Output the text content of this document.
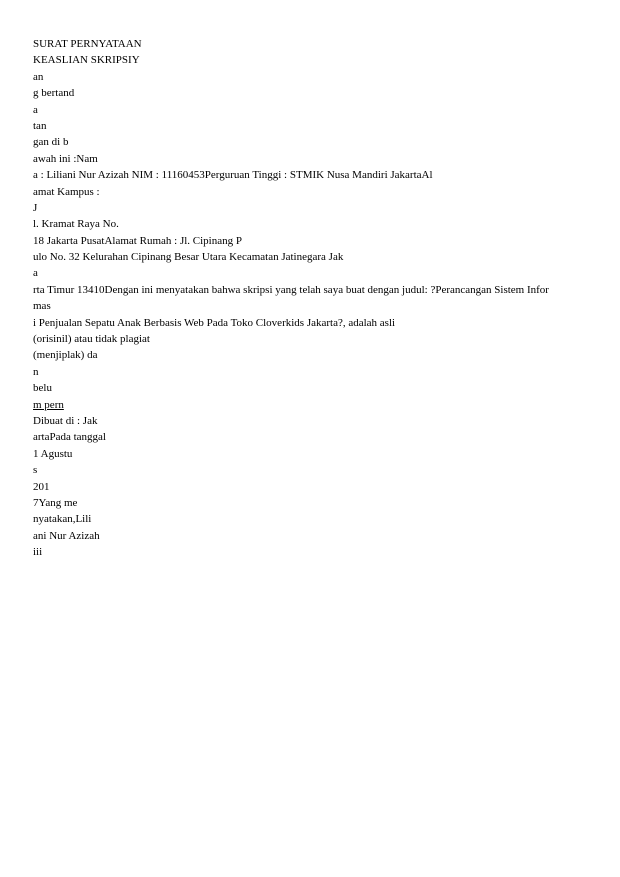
SURAT PERNYATAAN
KEASLIAN SKRIPSIY
an
g bertand
a
tan
gan di b
awah ini :Nam
a : Liliani Nur Azizah NIM : 11160453Perguruan Tinggi : STMIK Nusa Mandiri JakartaAl
amat Kampus :
J
l. Kramat Raya No.
18 Jakarta PusatAlamat Rumah : Jl. Cipinang P
ulo No. 32 Kelurahan Cipinang Besar Utara Kecamatan Jatinegara Jak
a
rta Timur 13410Dengan ini menyatakan bahwa skripsi yang telah saya buat dengan judul: ?Perancangan Sistem Infor
mas
i Penjualan Sepatu Anak Berbasis Web Pada Toko Cloverkids Jakarta?, adalah asli
(orisinil) atau tidak plagiat
(menjiplak) da
n
belu
m pern
Dibuat di : Jak
artaPada tanggal
1 Agustu
s
201
7Yang me
nyatakan,Lili
ani Nur Azizah
iii
